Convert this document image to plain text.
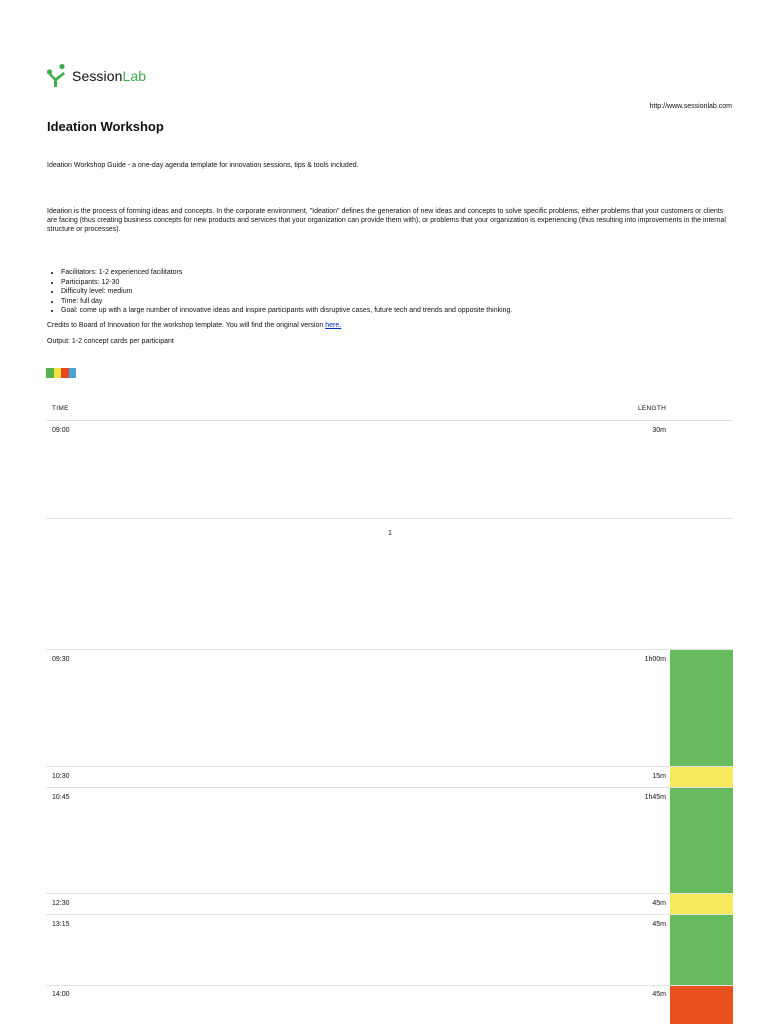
SessionLab
http://www.sessionlab.com
Ideation Workshop
Ideation Workshop Guide - a one-day agenda template for innovation sessions, tips & tools included.
Ideation is the process of forming ideas and concepts. In the corporate environment, "Ideation" defines the generation of new ideas and concepts to solve specific problems, either problems that your customers or clients are facing (thus creating business concepts for new products and services that your organization can provide them with), or problems that your organization is experiencing (thus resulting into improvements in the internal structure or processes).
• Facilitators: 1-2 experienced facilitators
• Participants: 12-30
• Difficulty level: medium
• Time: full day
• Goal: come up with a large number of innovative ideas and inspire participants with disruptive cases, future tech and trends and opposite thinking.
Credits to Board of Innovation for the workshop template. You will find the original version here.
Output: 1-2 concept cards per participant
TIME	LENGTH
09:00	30m
1
09:30	1h00m
10:30	15m
10:45	1h45m
12:30	45m
13:15	45m
14:00	45m
